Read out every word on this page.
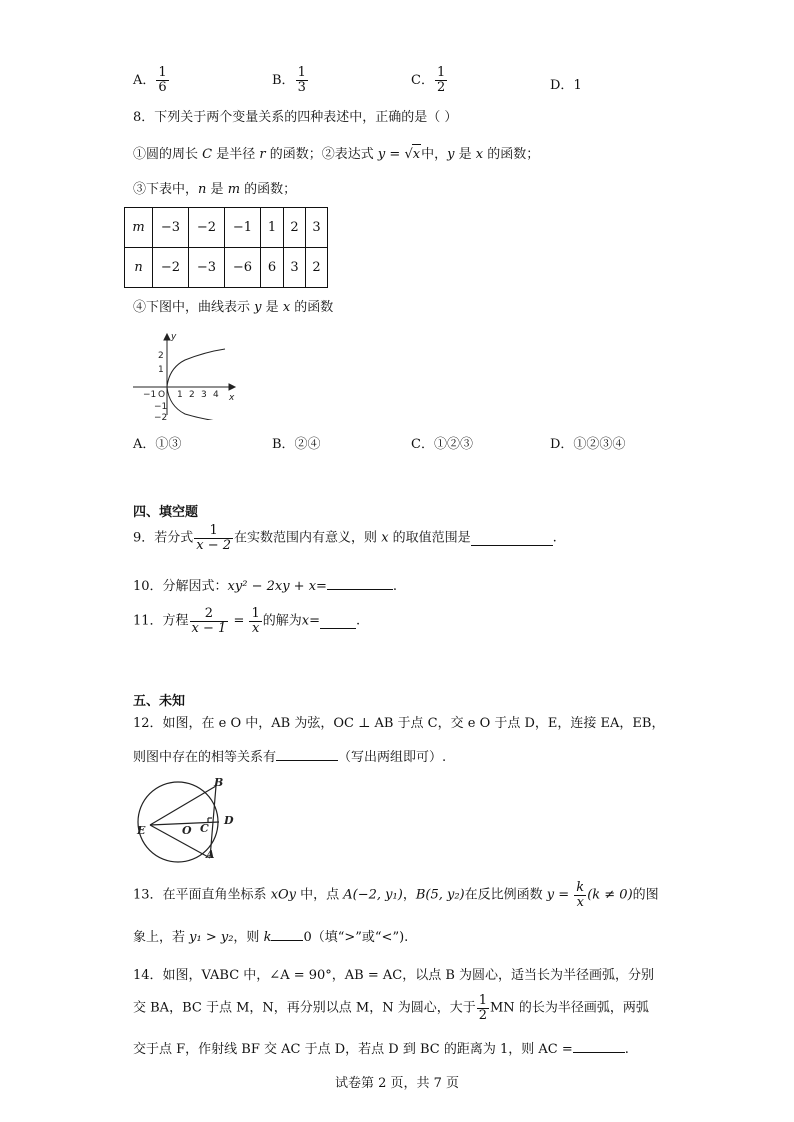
A． $\frac{1}{6}$	B． $\frac{1}{3}$	C． $\frac{1}{2}$	D．1
8．下列关于两个变量关系的四种表述中，正确的是（ ）
①圆的周长 C 是半径 r 的函数；②表达式 y = √x中，y 是 x 的函数；
③下表中，n 是 m 的函数；
m	−3	−2	−1	1	2	3
n	−2	−3	−6	6	3	2
④下图中，曲线表示 y 是 x 的函数
y
x
O
−1 1 2 3 4
2
1
−1
−2
A．①③	B．②④	C．①②③	D．①②③④
四、填空题
9．若分式 $\frac{1}{x - 2}$ 在实数范围内有意义，则 x 的取值范围是	.
10．分解因式：xy² − 2xy + x=	.
11．方程 $\frac{2}{x - 1} = \frac{1}{x}$ 的解为x=	.
五、未知
12．如图，在 e O 中，AB 为弦，OC ⊥ AB 于点 C，交 e O 于点 D，E，连接 EA，EB，
则图中存在的相等关系有	（写出两组即可）.
B
D
E	O C
A
13．在平面直角坐标系 xOy 中，点 A(−2, y₁)，B(5, y₂)在反比例函数 $y = \frac{k}{x} (k \ne 0)$的图
象上，若 y₁ > y₂，则 k 0（填“>”或“<”).
14．如图，VABC 中，∠A = 90°，AB = AC，以点 B 为圆心，适当长为半径画弧，分别
交 BA，BC 于点 M，N，再分别以点 M，N 为圆心，大于 $\frac{1}{2}$ MN 的长为半径画弧，两弧
交于点 F，作射线 BF 交 AC 于点 D，若点 D 到 BC 的距离为 1，则 AC =	.
试卷第 2 页，共 7 页
